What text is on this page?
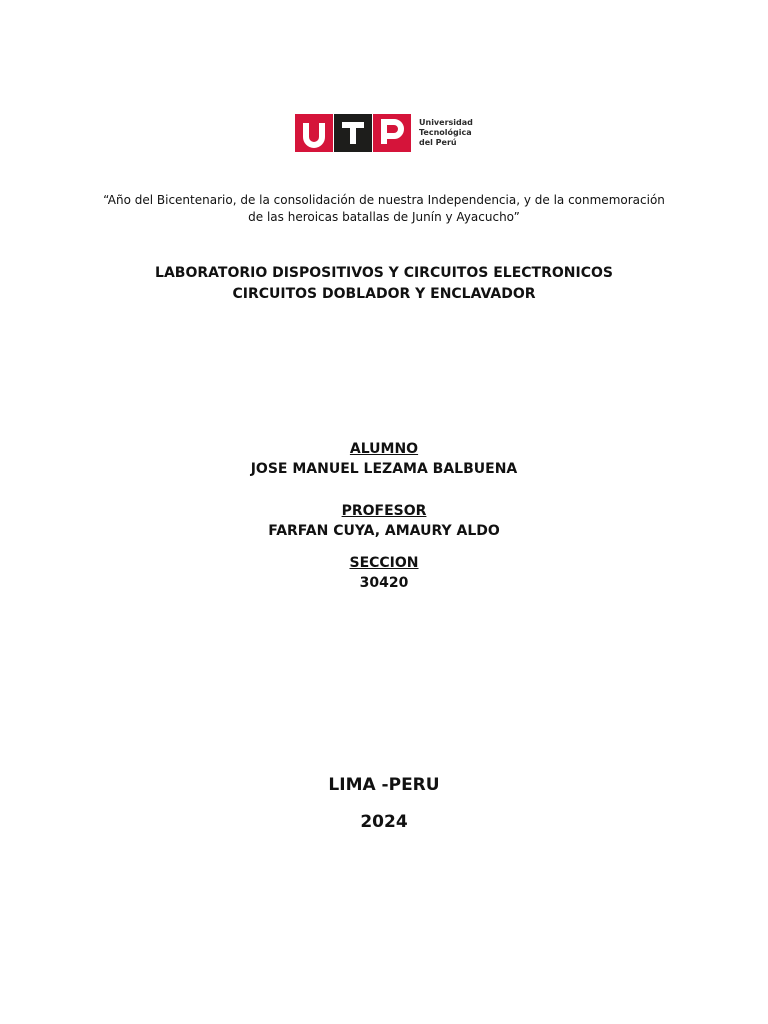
Universidad
Tecnológica
del Perú
“Año del Bicentenario, de la consolidación de nuestra Independencia, y de la conmemoración
de las heroicas batallas de Junín y Ayacucho”
LABORATORIO DISPOSITIVOS Y CIRCUITOS ELECTRONICOS
CIRCUITOS DOBLADOR Y ENCLAVADOR
ALUMNO
JOSE MANUEL LEZAMA BALBUENA
PROFESOR
FARFAN CUYA, AMAURY ALDO
SECCION
30420
LIMA -PERU
2024
